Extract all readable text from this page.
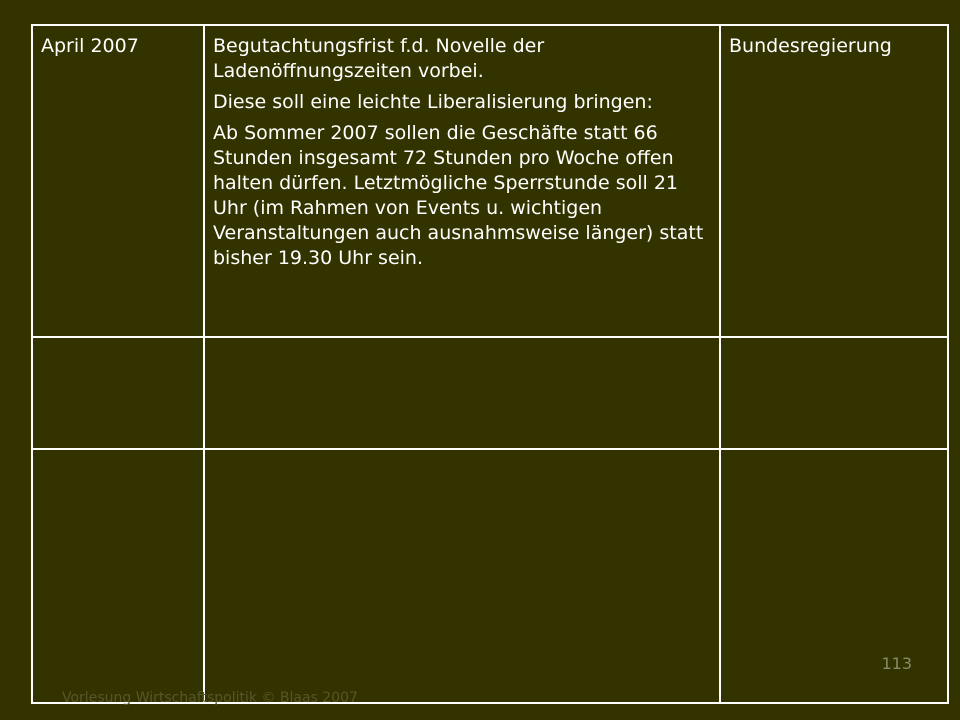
April 2007	Begutachtungsfrist f.d. Novelle der Ladenöffnungszeiten vorbei.

Diese soll eine leichte Liberalisierung bringen:

Ab Sommer 2007 sollen die Geschäfte statt 66 Stunden insgesamt 72 Stunden pro Woche offen halten dürfen. Letztmögliche Sperrstunde soll 21 Uhr (im Rahmen von Events u. wichtigen Veranstaltungen auch ausnahmsweise länger) statt bisher 19.30 Uhr sein.	Bundesregierung

113
Vorlesung Wirtschaftspolitik © Blaas 2007
